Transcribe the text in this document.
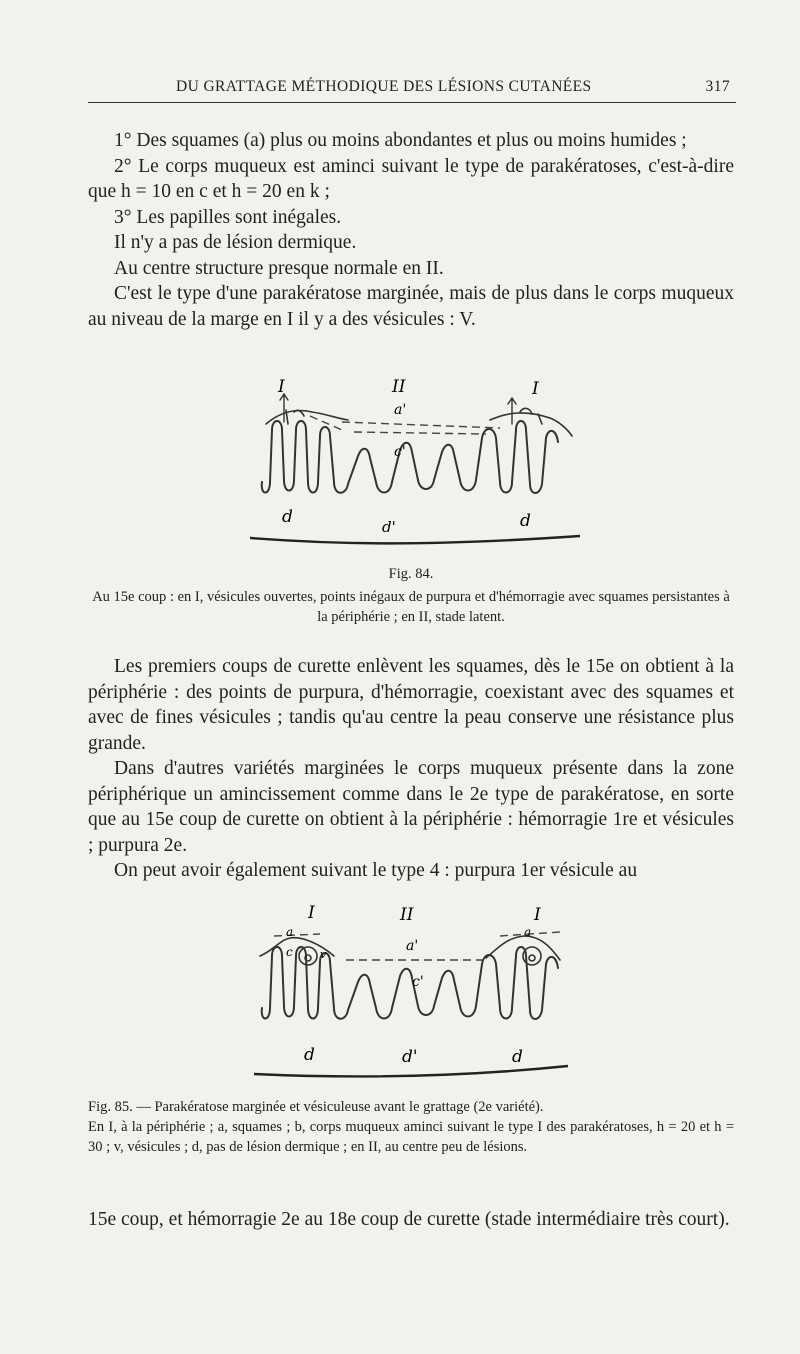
DU GRATTAGE MÉTHODIQUE DES LÉSIONS CUTANÉES	317

1° Des squames (a) plus ou moins abondantes et plus ou moins humides ;

2° Le corps muqueux est aminci suivant le type de parakératoses, c'est-à-dire que h = 10 en c et h = 20 en k ;

3° Les papilles sont inégales.

Il n'y a pas de lésion dermique.

Au centre structure presque normale en II.

C'est le type d'une parakératose marginée, mais de plus dans le corps muqueux au niveau de la marge en I il y a des vésicules : V.

I	II	I
a'
c'
d	d'	d
Fig. 84.
Au 15e coup : en I, vésicules ouvertes, points inégaux de purpura et d'hémorragie avec squames persistantes à la périphérie ; en II, stade latent.

Les premiers coups de curette enlèvent les squames, dès le 15e on obtient à la périphérie : des points de purpura, d'hémorragie, coexistant avec des squames et avec de fines vésicules ; tandis qu'au centre la peau conserve une résistance plus grande.

Dans d'autres variétés marginées le corps muqueux présente dans la zone périphérique un amincissement comme dans le 2e type de parakératose, en sorte que au 15e coup de curette on obtient à la périphérie : hémorragie 1re et vésicules ; purpura 2e.

On peut avoir également suivant le type 4 : purpura 1er vésicule au

I	II	I
a	a
a'
c v
c'
d	d'	d
Fig. 85. — Parakératose marginée et vésiculeuse avant le grattage (2e variété).
En I, à la périphérie ; a, squames ; b, corps muqueux aminci suivant le type I des parakératoses, h = 20 et h = 30 ; v, vésicules ; d, pas de lésion dermique ; en II, au centre peu de lésions.

15e coup, et hémorragie 2e au 18e coup de curette (stade intermédiaire très court).
